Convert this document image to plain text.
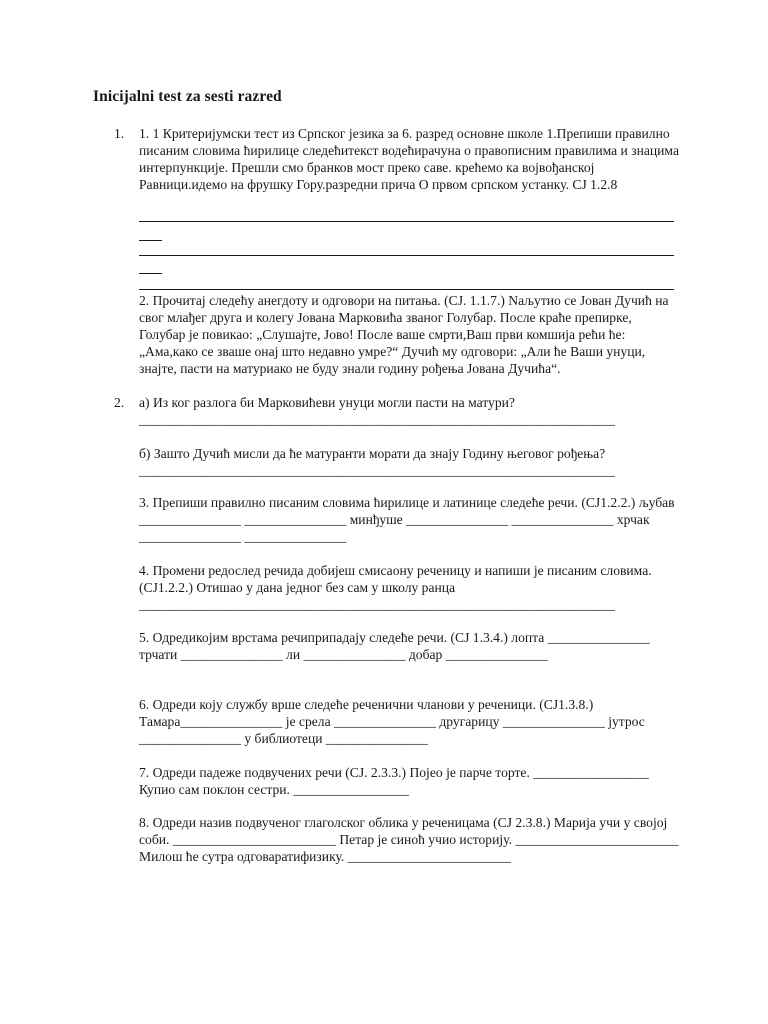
Inicijalni test za sesti razred
1. 1. 1 Критеријумски тест из Српског језика за 6. разред основне школе 1.Препиши правилно писаним словима ћирилице следећитекст водећирачуна о правописним правилима и знацима интерпункције. Прешли смо бранков мост преко саве. крећемо ка војвођанској Равници.идемо на фрушку Гору.разредни прича О првом српском устанку. СЈ 1.2.8
2. Прочитај следећу анегдоту и одговори на питања. (СЈ. 1.1.7.) Naљутио се Јован Дучић на свог млађег друга и колегу Јована Марковића званог Голубар. После краће препирке, Голубар је повикао: „Слушајте, Јово! После ваше смрти,Ваш први комшија рећи ће: „Ама,како се зваше онај што недавно умре?“ Дучић му одговори: „Али ће Ваши унуци, знајте, пасти на матуриако не буду знали годину рођења Јована Дучића“.
2. а) Из ког разлога би Марковићеви унуци могли пасти на матури? ______________________________________________________________________
б) Зашто Дучић мисли да ће матуранти морати да знају Годину његовог рођења? ______________________________________________________________________
3. Препиши правилно писаним словима ћирилице и латинице следеће речи. (СЈ1.2.2.) љубав _______________ _______________ минђуше _______________ _______________ хрчак _______________ _______________
4. Промени редослед речида добијеш смисаону реченицу и напиши је писаним словима. (СЈ1.2.2.) Отишао у дана једног без сам у школу ранца ______________________________________________________________________
5. Одредикојим врстама речиприпадају следеће речи. (СЈ 1.3.4.) лопта _______________ трчати _______________ ли _______________ добар _______________
6. Одреди коју службу врше следеће реченични чланови у реченици. (СЈ1.3.8.) Тамара_______________ је срела _______________ другарицу _______________ јутрос _______________ у библиотеци _______________
7. Одреди падеже подвучених речи (СЈ. 2.3.3.) Појео је парче торте. _________________ Купио сам поклон сестри. _________________
8. Одреди назив подвученог глаголског облика у реченицама (СЈ 2.3.8.) Марија учи у својој соби. ________________________ Петар је синоћ учио историју. ________________________ Милош ће сутра одговаратифизику. ________________________
